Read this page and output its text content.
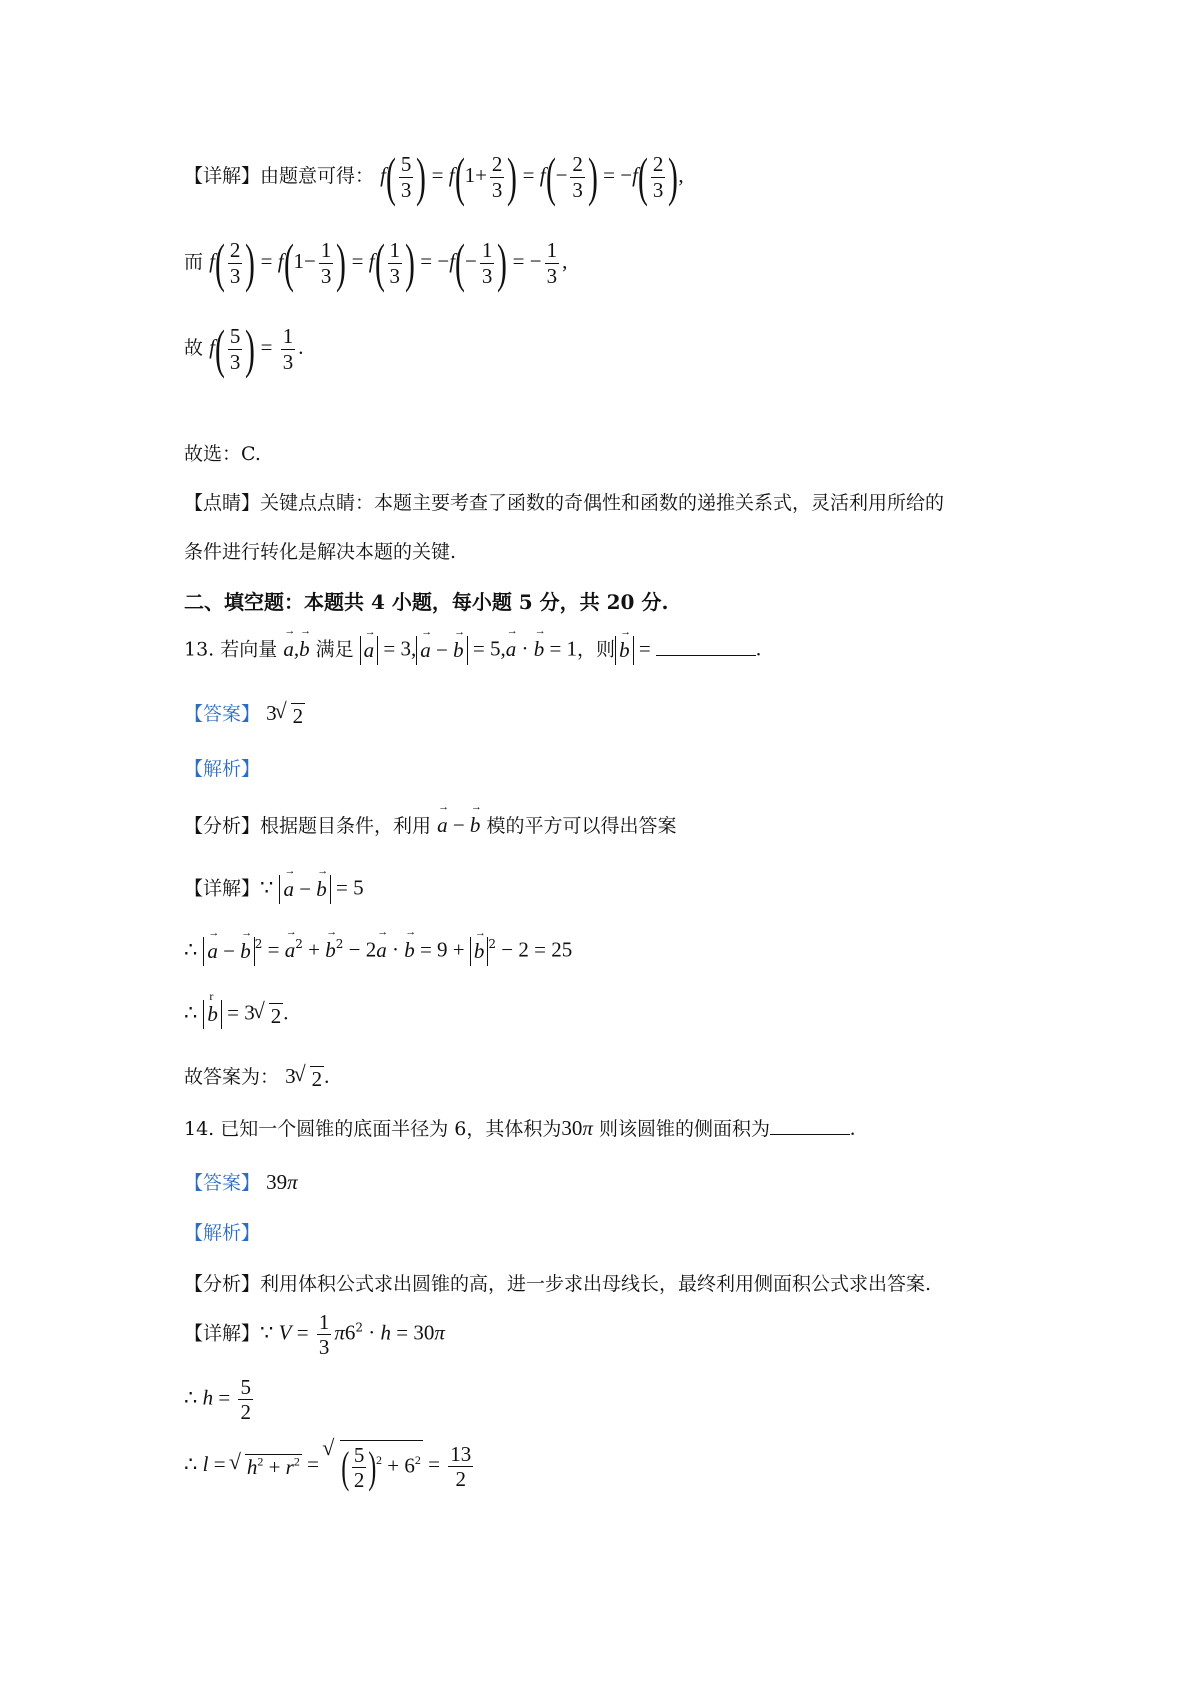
【详解】由题意可得： $f( \frac{5}{3}$ ) = $f(1+ \frac{2}{3}$ ) = $f(- \frac{2}{3}$ ) = $-f( \frac{2}{3}$ ),
而 $f( \frac{2}{3}$ ) = $f(1- \frac{1}{3}$ ) = $f( \frac{1}{3}$ ) = $-f(- \frac{1}{3}$ ) = − $\frac{1}{3}$ ,
故 $f( \frac{5}{3}$ ) = $\frac{1}{3}$ .
故选：C.
【点睛】关键点点睛：本题主要考查了函数的奇偶性和函数的递推关系式，灵活利用所给的
条件进行转化是解决本题的关键.
二、填空题：本题共 4 小题，每小题 5 分，共 20 分.
13. 若向量 → a,→ b 满足 → a = 3, → a − → b = 5,→ a · → b = 1，则 → b =	.
【答案】 3 √ 2
【解析】
【分析】根据题目条件，利用 → a − → b 模的平方可以得出答案
【详解】∵ → a − → b = 5
∴ → a − → b $^2$ = → $a^2$ + → $b^2 - 2\to a$ · → b = 9 + → b $^2$ − 2 = 25
∴ r b = 3 √ 2.
故答案为： 3 √ 2.
14. 已知一个圆锥的底面半径为 6，其体积为30π 则该圆锥的侧面积为	.
【答案】 39π
【解析】
【分析】利用体积公式求出圆锥的高，进一步求出母线长，最终利用侧面积公式求出答案.
【详解】∵ $V = \frac{1}{3} \pi 6^2 \cdot h = 30\pi$
∴ $h = \frac{5}{2}$
∴ l = √ $h^2 + r^2$ = √ ( $\frac{5}{2} )^2 + 6^2 = \frac{13}{2}$
